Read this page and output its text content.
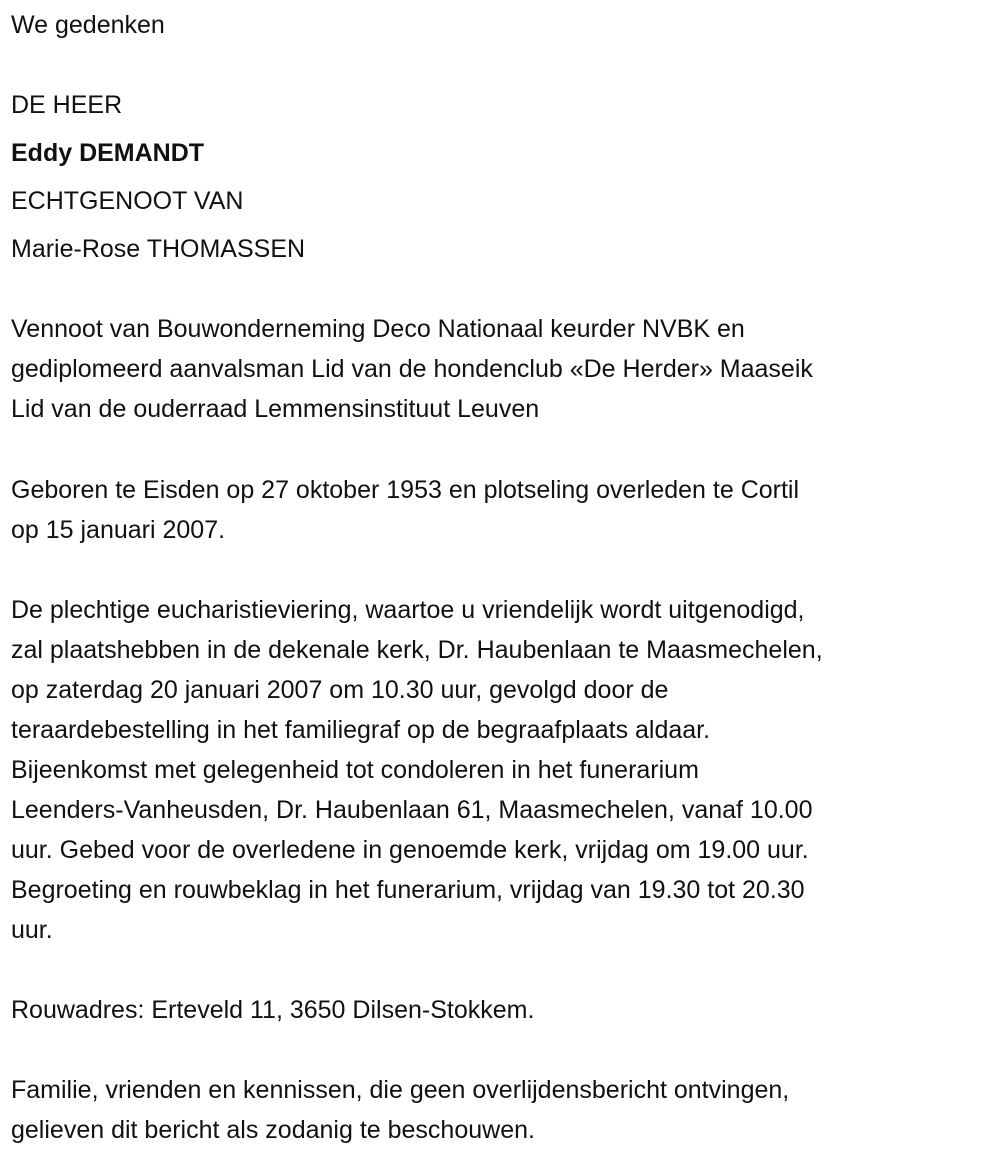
We gedenken
DE HEER
Eddy DEMANDT
ECHTGENOOT VAN
Marie-Rose THOMASSEN
Vennoot van Bouwonderneming Deco Nationaal keurder NVBK en
gediplomeerd aanvalsman Lid van de hondenclub «De Herder» Maaseik
Lid van de ouderraad Lemmensinstituut Leuven
Geboren te Eisden op 27 oktober 1953 en plotseling overleden te Cortil
op 15 januari 2007.
De plechtige eucharistieviering, waartoe u vriendelijk wordt uitgenodigd,
zal plaatshebben in de dekenale kerk, Dr. Haubenlaan te Maasmechelen,
op zaterdag 20 januari 2007 om 10.30 uur, gevolgd door de
teraardebestelling in het familiegraf op de begraafplaats aldaar.
Bijeenkomst met gelegenheid tot condoleren in het funerarium
Leenders-Vanheusden, Dr. Haubenlaan 61, Maasmechelen, vanaf 10.00
uur. Gebed voor de overledene in genoemde kerk, vrijdag om 19.00 uur.
Begroeting en rouwbeklag in het funerarium, vrijdag van 19.30 tot 20.30
uur.
Rouwadres: Erteveld 11, 3650 Dilsen-Stokkem.
Familie, vrienden en kennissen, die geen overlijdensbericht ontvingen,
gelieven dit bericht als zodanig te beschouwen.
